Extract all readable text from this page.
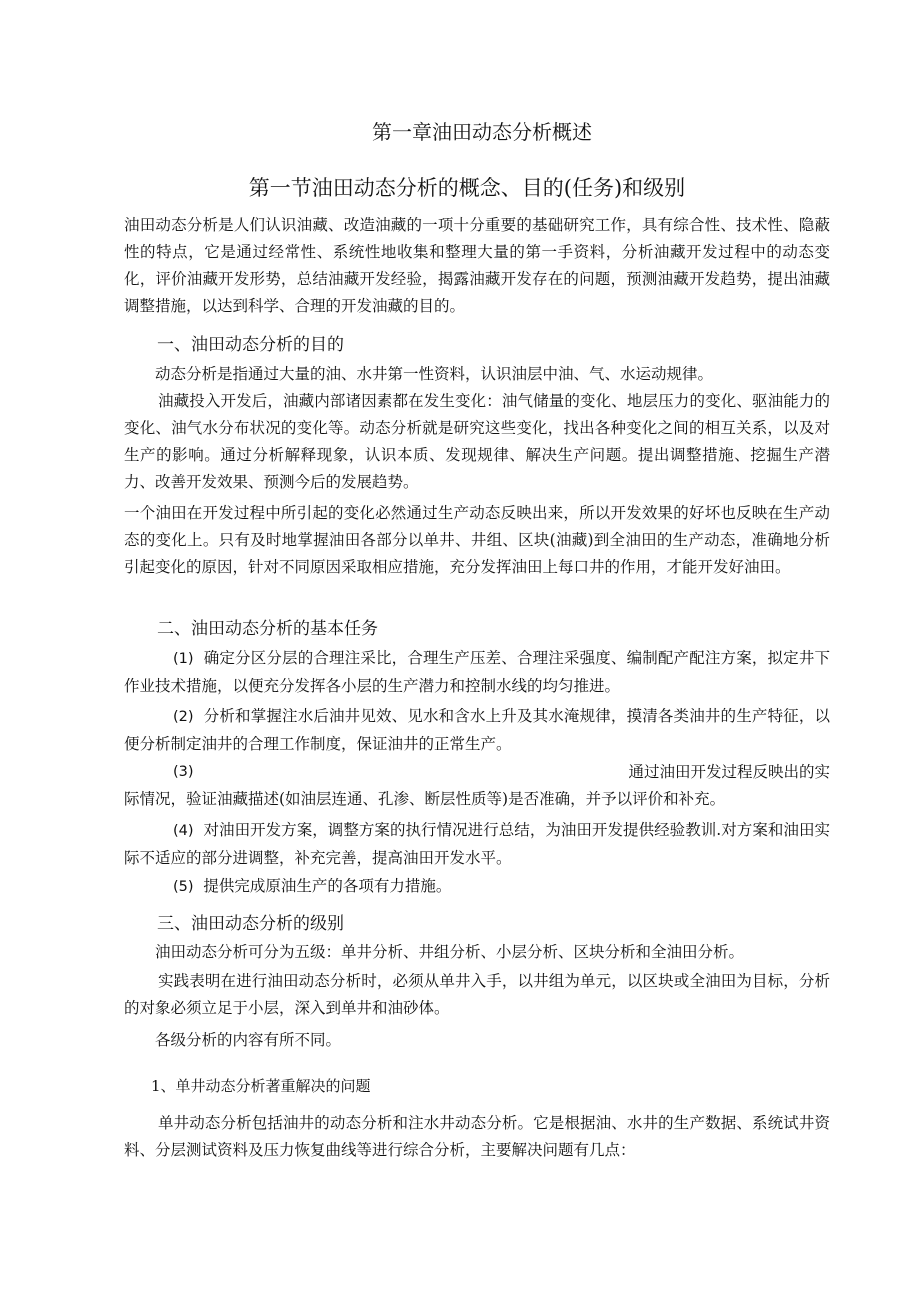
第一章油田动态分析概述
第一节油田动态分析的概念、目的(任务)和级别

油田动态分析是人们认识油藏、改造油藏的一项十分重要的基础研究工作，具有综合性、技术性、隐蔽性的特点，它是通过经常性、系统性地收集和整理大量的第一手资料，分析油藏开发过程中的动态变化，评价油藏开发形势，总结油藏开发经验，揭露油藏开发存在的问题，预测油藏开发趋势，提出油藏调整措施，以达到科学、合理的开发油藏的目的。

一、油田动态分析的目的

动态分析是指通过大量的油、水井第一性资料，认识油层中油、气、水运动规律。

油藏投入开发后，油藏内部诸因素都在发生变化：油气储量的变化、地层压力的变化、驱油能力的变化、油气水分布状况的变化等。动态分析就是研究这些变化，找出各种变化之间的相互关系，以及对生产的影响。通过分析解释现象，认识本质、发现规律、解决生产问题。提出调整措施、挖掘生产潜力、改善开发效果、预测今后的发展趋势。

一个油田在开发过程中所引起的变化必然通过生产动态反映出来，所以开发效果的好坏也反映在生产动态的变化上。只有及时地掌握油田各部分以单井、井组、区块(油藏)到全油田的生产动态，准确地分析引起变化的原因，针对不同原因采取相应措施，充分发挥油田上每口井的作用，才能开发好油田。

二、油田动态分析的基本任务

(1) 确定分区分层的合理注采比，合理生产压差、合理注采强度、编制配产配注方案，拟定井下作业技术措施，以便充分发挥各小层的生产潜力和控制水线的均匀推进。

(2) 分析和掌握注水后油井见效、见水和含水上升及其水淹规律，摸清各类油井的生产特征，以便分析制定油井的合理工作制度，保证油井的正常生产。

(3)	通过油田开发过程反映出的实
际情况，验证油藏描述(如油层连通、孔渗、断层性质等)是否准确，并予以评价和补充。

(4) 对油田开发方案，调整方案的执行情况进行总结，为油田开发提供经验教训.对方案和油田实际不适应的部分进调整，补充完善，提高油田开发水平。

(5) 提供完成原油生产的各项有力措施。

三、油田动态分析的级别

油田动态分析可分为五级：单井分析、井组分析、小层分析、区块分析和全油田分析。

实践表明在进行油田动态分析时，必须从单井入手，以井组为单元，以区块或全油田为目标，分析的对象必须立足于小层，深入到单井和油砂体。

各级分析的内容有所不同。

1、单井动态分析著重解决的问题

单井动态分析包括油井的动态分析和注水井动态分析。它是根据油、水井的生产数据、系统试井资料、分层测试资料及压力恢复曲线等进行综合分析，主要解决问题有几点：
